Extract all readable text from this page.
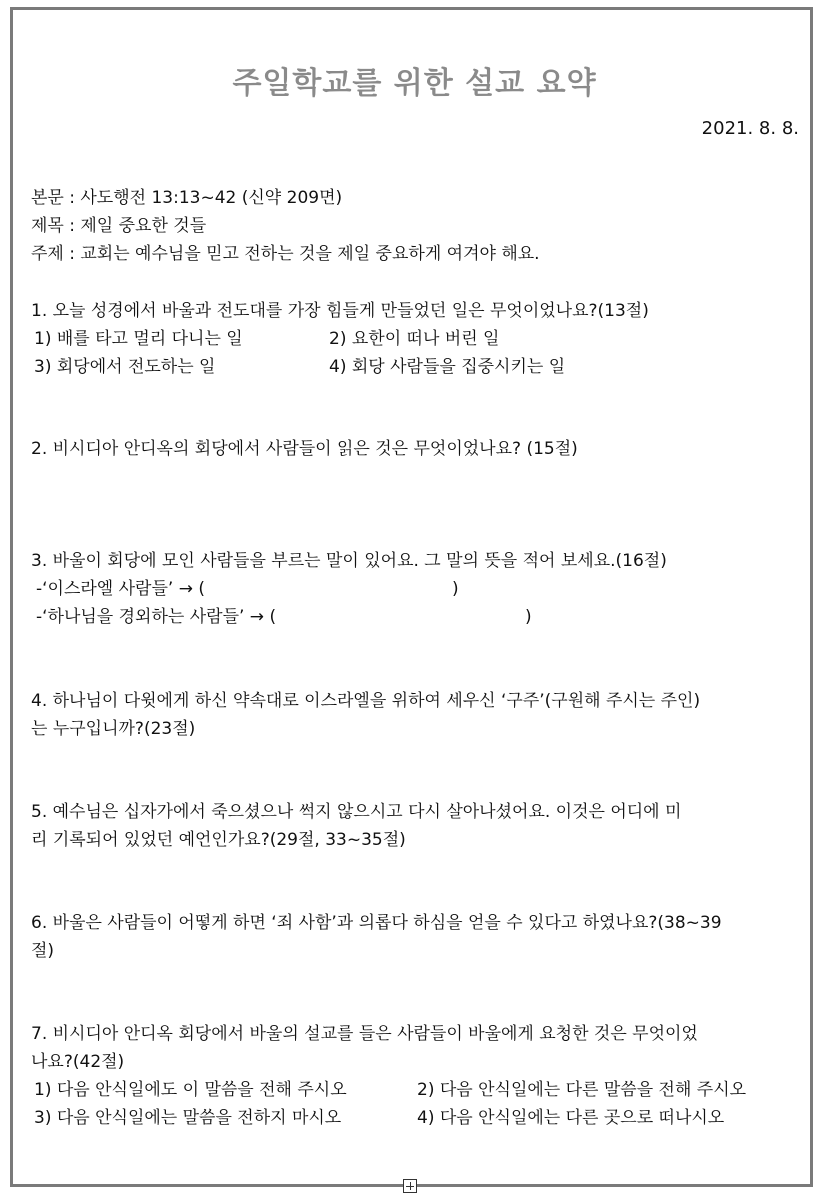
주일학교를 위한 설교 요약
2021. 8. 8.
본문 : 사도행전 13:13~42 (신약 209면)
제목 : 제일 중요한 것들
주제 : 교회는 예수님을 믿고 전하는 것을 제일 중요하게 여겨야 해요.
1. 오늘 성경에서 바울과 전도대를 가장 힘들게 만들었던 일은 무엇이었나요?(13절)
1) 배를 타고 멀리 다니는 일	2) 요한이 떠나 버린 일
3) 회당에서 전도하는 일	4) 회당 사람들을 집중시키는 일
2. 비시디아 안디옥의 회당에서 사람들이 읽은 것은 무엇이었나요? (15절)
3. 바울이 회당에 모인 사람들을 부르는 말이 있어요. 그 말의 뜻을 적어 보세요.(16절)
-‘이스라엘 사람들’ → (	)
-‘하나님을 경외하는 사람들’ → (	)
4. 하나님이 다윗에게 하신 약속대로 이스라엘을 위하여 세우신 ‘구주’(구원해 주시는 주인)
는 누구입니까?(23절)
5. 예수님은 십자가에서 죽으셨으나 썩지 않으시고 다시 살아나셨어요. 이것은 어디에 미
리 기록되어 있었던 예언인가요?(29절, 33~35절)
6. 바울은 사람들이 어떻게 하면 ‘죄 사함’과 의롭다 하심을 얻을 수 있다고 하였나요?(38~39
절)
7. 비시디아 안디옥 회당에서 바울의 설교를 들은 사람들이 바울에게 요청한 것은 무엇이었
나요?(42절)
1) 다음 안식일에도 이 말씀을 전해 주시오	2) 다음 안식일에는 다른 말씀을 전해 주시오
3) 다음 안식일에는 말씀을 전하지 마시오	4) 다음 안식일에는 다른 곳으로 떠나시오
